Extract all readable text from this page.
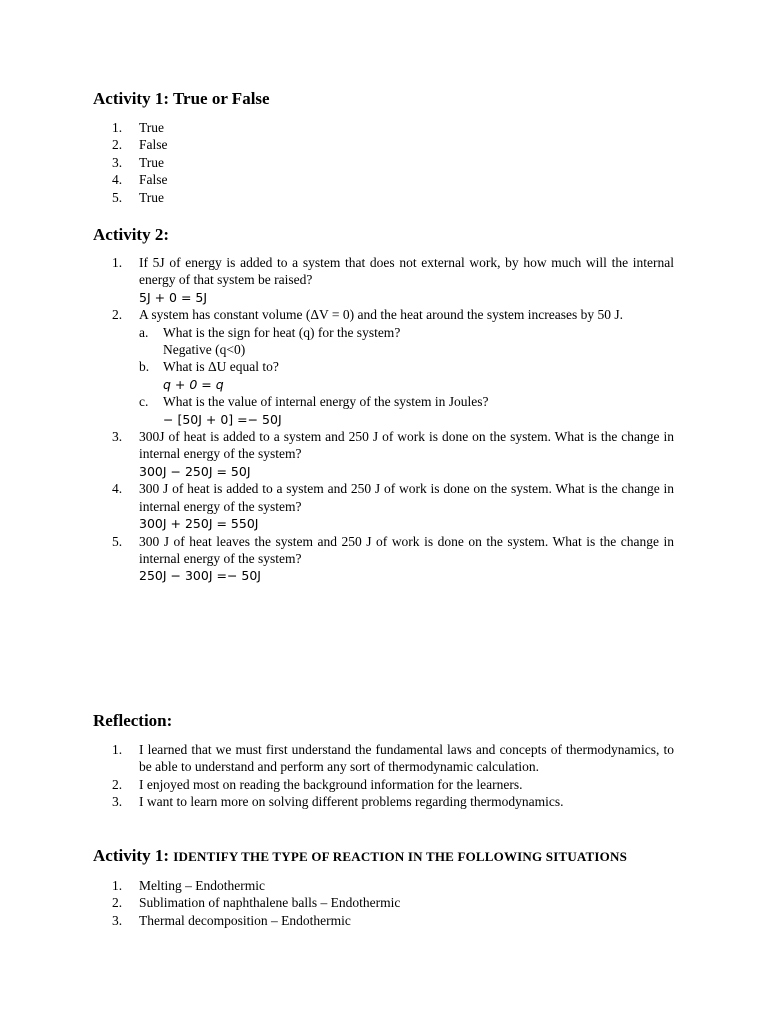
Activity 1: True or False
1. True
2. False
3. True
4. False
5. True
Activity 2:
1. If 5J of energy is added to a system that does not external work, by how much will the internal energy of that system be raised?
5J + 0 = 5J
2. A system has constant volume (ΔV = 0) and the heat around the system increases by 50 J.
a. What is the sign for heat (q) for the system?
Negative (q<0)
b. What is ΔU equal to?
q + 0 = q
c. What is the value of internal energy of the system in Joules?
− [50J + 0] =− 50J
3. 300J of heat is added to a system and 250 J of work is done on the system. What is the change in internal energy of the system?
300J − 250J = 50J
4. 300 J of heat is added to a system and 250 J of work is done on the system. What is the change in internal energy of the system?
300J + 250J = 550J
5. 300 J of heat leaves the system and 250 J of work is done on the system. What is the change in internal energy of the system?
250J − 300J =− 50J
Reflection:
1. I learned that we must first understand the fundamental laws and concepts of thermodynamics, to be able to understand and perform any sort of thermodynamic calculation.
2. I enjoyed most on reading the background information for the learners.
3. I want to learn more on solving different problems regarding thermodynamics.
Activity 1: IDENTIFY THE TYPE OF REACTION IN THE FOLLOWING SITUATIONS
1. Melting – Endothermic
2. Sublimation of naphthalene balls – Endothermic
3. Thermal decomposition – Endothermic
